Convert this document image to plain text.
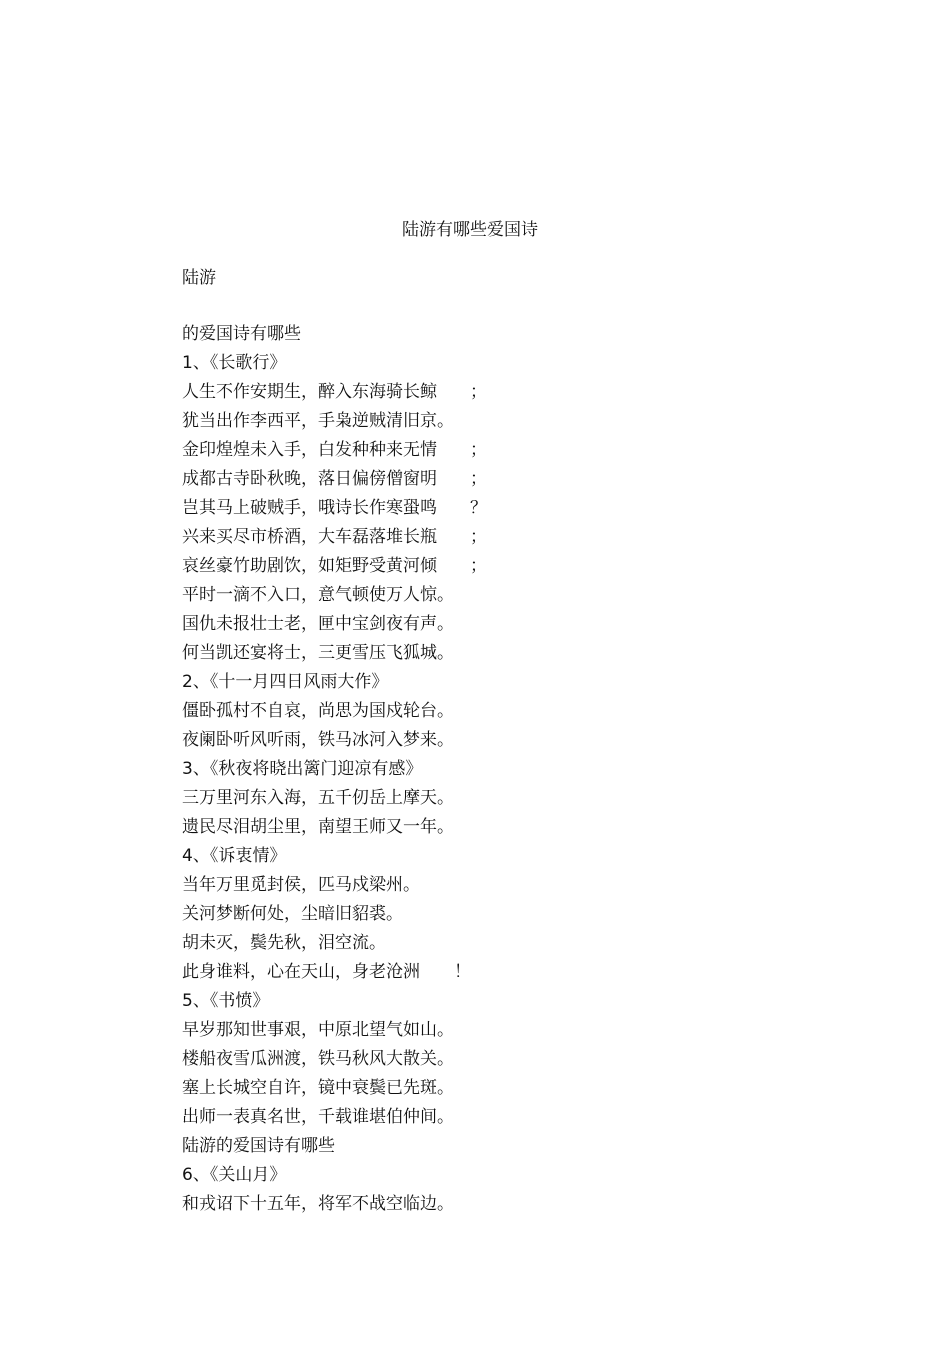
陆游有哪些爱国诗
陆游
的爱国诗有哪些
1、《长歌行》
人生不作安期生，醉入东海骑长鲸 ；
犹当出作李西平，手枭逆贼清旧京。
金印煌煌未入手，白发种种来无情 ；
成都古寺卧秋晚，落日偏傍僧窗明 ；
岂其马上破贼手，哦诗长作寒蛩鸣 ？
兴来买尽市桥酒，大车磊落堆长瓶 ；
哀丝豪竹助剧饮，如矩野受黄河倾 ；
平时一滴不入口，意气顿使万人惊。
国仇未报壮士老，匣中宝剑夜有声。
何当凯还宴将士，三更雪压飞狐城。
2、《十一月四日风雨大作》
僵卧孤村不自哀，尚思为国戍轮台。
夜阑卧听风听雨，铁马冰河入梦来。
3、《秋夜将晓出篱门迎凉有感》
三万里河东入海，五千仞岳上摩天。
遗民尽泪胡尘里，南望王师又一年。
4、《诉衷情》
当年万里觅封侯，匹马戍梁州。
关河梦断何处，尘暗旧貂裘。
胡未灭，鬓先秋，泪空流。
此身谁料，心在天山，身老沧洲 ！
5、《书愤》
早岁那知世事艰，中原北望气如山。
楼船夜雪瓜洲渡，铁马秋风大散关。
塞上长城空自许，镜中衰鬓已先斑。
出师一表真名世，千载谁堪伯仲间。
陆游的爱国诗有哪些
6、《关山月》
和戎诏下十五年，将军不战空临边。
